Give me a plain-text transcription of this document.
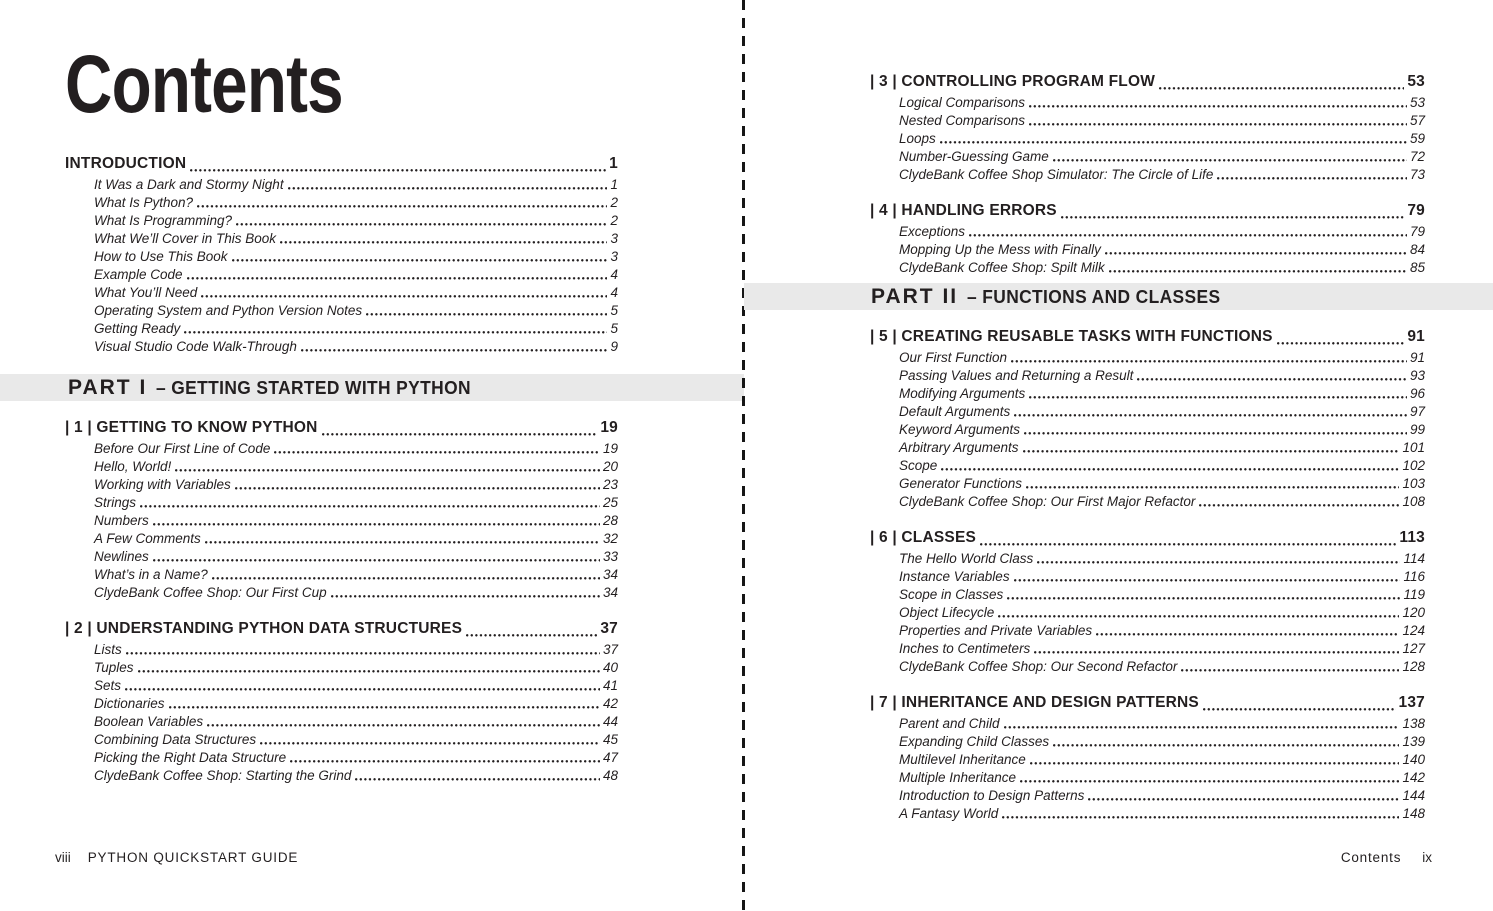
Contents
INTRODUCTION	1
It Was a Dark and Stormy Night	1
What Is Python?	2
What Is Programming?	2
What We’ll Cover in This Book	3
How to Use This Book	3
Example Code	4
What You’ll Need	4
Operating System and Python Version Notes	5
Getting Ready	5
Visual Studio Code Walk-Through	9
PART I – GETTING STARTED WITH PYTHON
| 1 | GETTING TO KNOW PYTHON	19
Before Our First Line of Code	19
Hello, World!	20
Working with Variables	23
Strings	25
Numbers	28
A Few Comments	32
Newlines	33
What’s in a Name?	34
ClydeBank Coffee Shop: Our First Cup	34
| 2 | UNDERSTANDING PYTHON DATA STRUCTURES	37
Lists	37
Tuples	40
Sets	41
Dictionaries	42
Boolean Variables	44
Combining Data Structures	45
Picking the Right Data Structure	47
ClydeBank Coffee Shop: Starting the Grind	48
viii PYTHON QUICKSTART GUIDE
| 3 | CONTROLLING PROGRAM FLOW	53
Logical Comparisons	53
Nested Comparisons	57
Loops	59
Number-Guessing Game	72
ClydeBank Coffee Shop Simulator: The Circle of Life	73
| 4 | HANDLING ERRORS	79
Exceptions	79
Mopping Up the Mess with Finally	84
ClydeBank Coffee Shop: Spilt Milk	85
PART II – FUNCTIONS AND CLASSES
| 5 | CREATING REUSABLE TASKS WITH FUNCTIONS	91
Our First Function	91
Passing Values and Returning a Result	93
Modifying Arguments	96
Default Arguments	97
Keyword Arguments	99
Arbitrary Arguments	101
Scope	102
Generator Functions	103
ClydeBank Coffee Shop: Our First Major Refactor	108
| 6 | CLASSES	113
The Hello World Class	114
Instance Variables	116
Scope in Classes	119
Object Lifecycle	120
Properties and Private Variables	124
Inches to Centimeters	127
ClydeBank Coffee Shop: Our Second Refactor	128
| 7 | INHERITANCE AND DESIGN PATTERNS	137
Parent and Child	138
Expanding Child Classes	139
Multilevel Inheritance	140
Multiple Inheritance	142
Introduction to Design Patterns	144
A Fantasy World	148
Contents ix
